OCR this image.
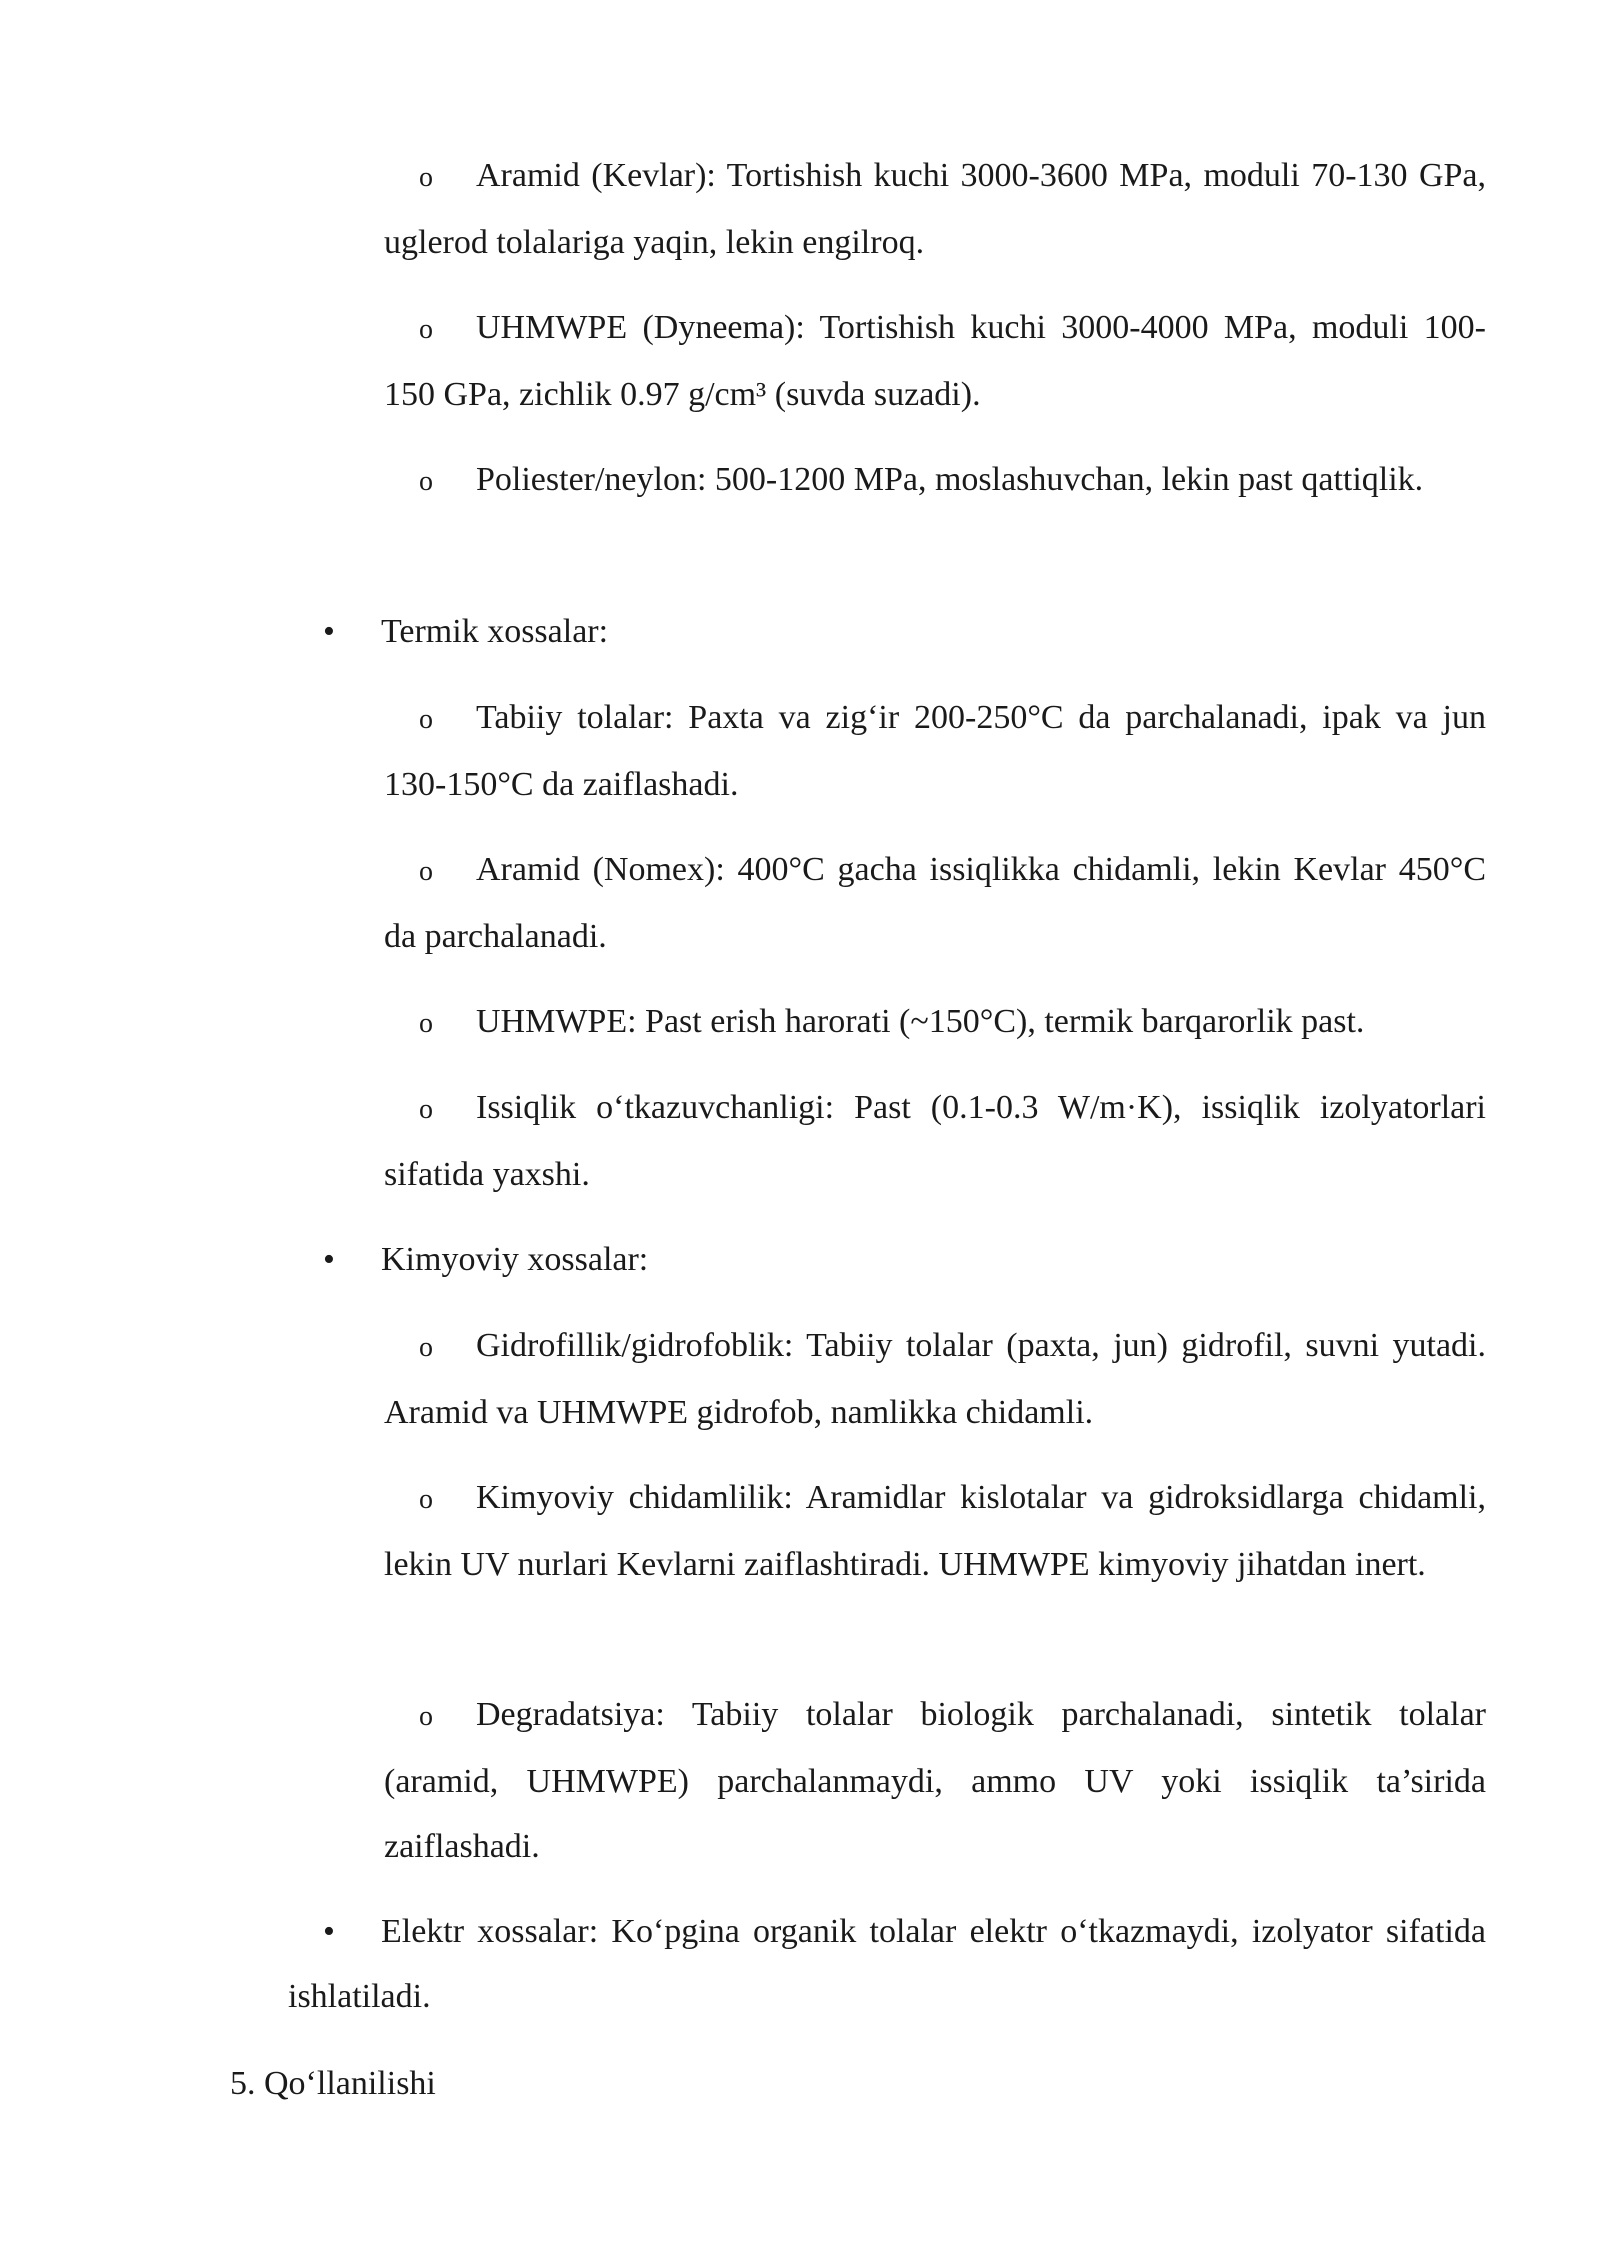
o Aramid (Kevlar): Tortishish kuchi 3000-3600 MPa, moduli 70-130 GPa, uglerod tolalariga yaqin, lekin engilroq.
o UHMWPE (Dyneema): Tortishish kuchi 3000-4000 MPa, moduli 100-150 GPa, zichlik 0.97 g/cm³ (suvda suzadi).
o Poliester/neylon: 500-1200 MPa, moslashuvchan, lekin past qattiqlik.
• Termik xossalar:
o Tabiiy tolalar: Paxta va zig‘ir 200-250°C da parchalanadi, ipak va jun 130-150°C da zaiflashadi.
o Aramid (Nomex): 400°C gacha issiqlikka chidamli, lekin Kevlar 450°C da parchalanadi.
o UHMWPE: Past erish harorati (~150°C), termik barqarorlik past.
o Issiqlik o‘tkazuvchanligi: Past (0.1-0.3 W/m·K), issiqlik izolyatorlari sifatida yaxshi.
• Kimyoviy xossalar:
o Gidrofillik/gidrofoblik: Tabiiy tolalar (paxta, jun) gidrofil, suvni yutadi. Aramid va UHMWPE gidrofob, namlikka chidamli.
o Kimyoviy chidamlilik: Aramidlar kislotalar va gidroksidlarga chidamli, lekin UV nurlari Kevlarni zaiflashtiradi. UHMWPE kimyoviy jihatdan inert.
o Degradatsiya: Tabiiy tolalar biologik parchalanadi, sintetik tolalar (aramid, UHMWPE) parchalanmaydi, ammo UV yoki issiqlik ta’sirida zaiflashadi.
• Elektr xossalar: Ko‘pgina organik tolalar elektr o‘tkazmaydi, izolyator sifatida ishlatiladi.
5. Qo‘llanilishi
